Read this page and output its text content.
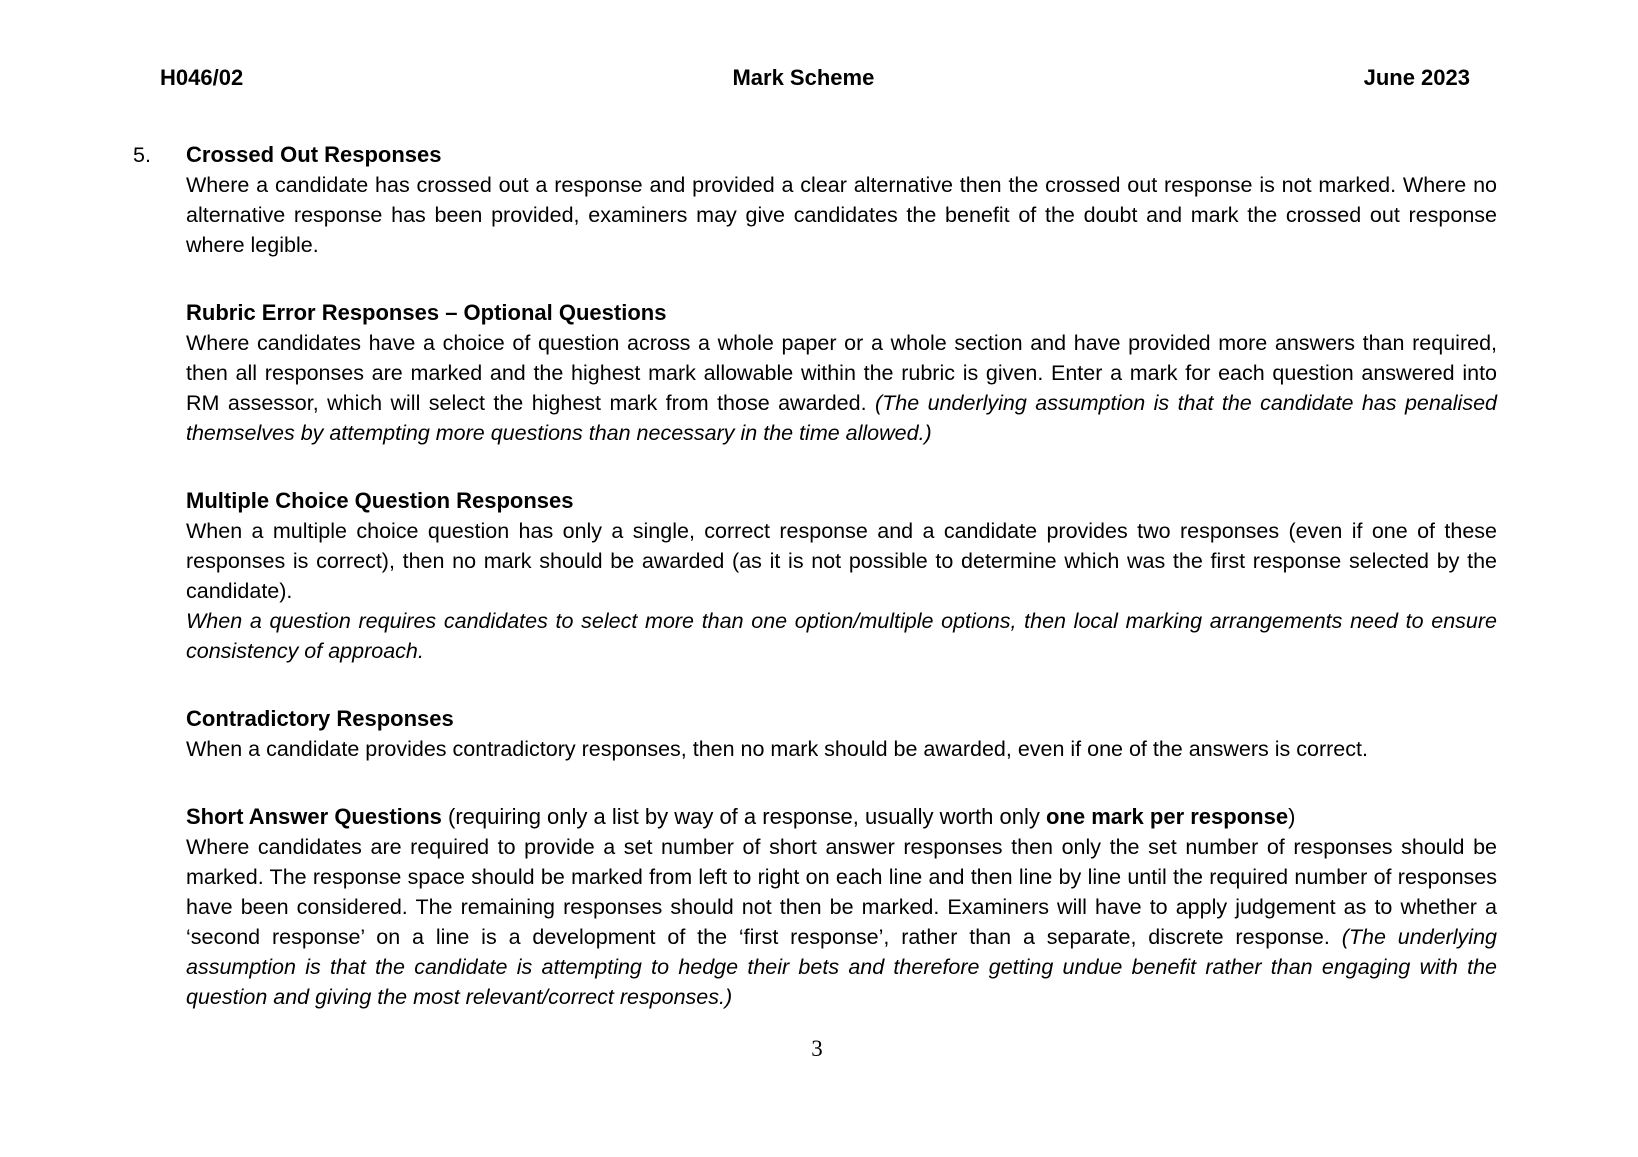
H046/02	Mark Scheme	June 2023
5. Crossed Out Responses

Where a candidate has crossed out a response and provided a clear alternative then the crossed out response is not marked. Where no alternative response has been provided, examiners may give candidates the benefit of the doubt and mark the crossed out response where legible.

Rubric Error Responses – Optional Questions

Where candidates have a choice of question across a whole paper or a whole section and have provided more answers than required, then all responses are marked and the highest mark allowable within the rubric is given. Enter a mark for each question answered into RM assessor, which will select the highest mark from those awarded. (The underlying assumption is that the candidate has penalised themselves by attempting more questions than necessary in the time allowed.)

Multiple Choice Question Responses

When a multiple choice question has only a single, correct response and a candidate provides two responses (even if one of these responses is correct), then no mark should be awarded (as it is not possible to determine which was the first response selected by the candidate).

When a question requires candidates to select more than one option/multiple options, then local marking arrangements need to ensure consistency of approach.

Contradictory Responses

When a candidate provides contradictory responses, then no mark should be awarded, even if one of the answers is correct.

Short Answer Questions (requiring only a list by way of a response, usually worth only one mark per response)

Where candidates are required to provide a set number of short answer responses then only the set number of responses should be marked. The response space should be marked from left to right on each line and then line by line until the required number of responses have been considered. The remaining responses should not then be marked. Examiners will have to apply judgement as to whether a ‘second response’ on a line is a development of the ‘first response’, rather than a separate, discrete response. (The underlying assumption is that the candidate is attempting to hedge their bets and therefore getting undue benefit rather than engaging with the question and giving the most relevant/correct responses.)

3
